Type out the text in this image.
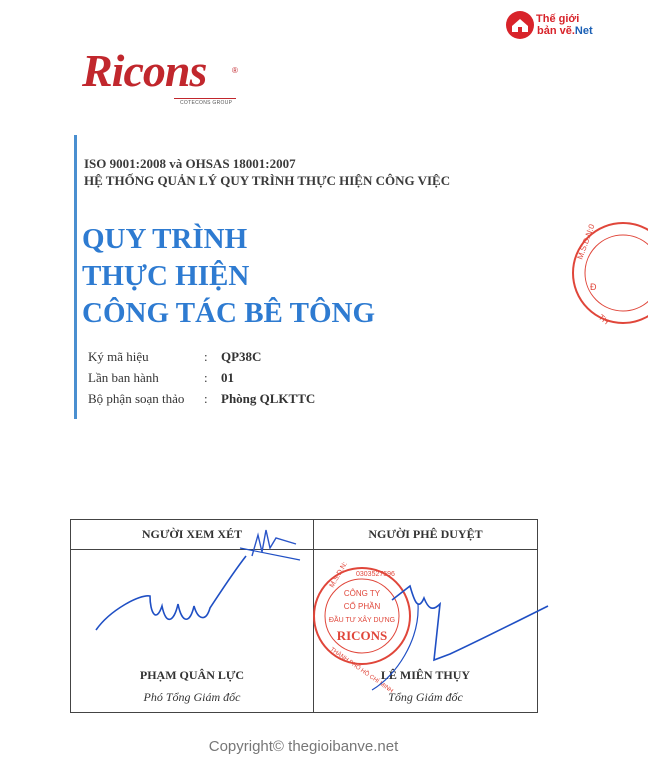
Thế giới
bản vẽ.Net
Ricons	®
COTECONS GROUP
ISO 9001:2008 và OHSAS 18001:2007
HỆ THỐNG QUẢN LÝ QUY TRÌNH THỰC HIỆN CÔNG VIỆC
QUY TRÌNH
THỰC HIỆN
CÔNG TÁC BÊ TÔNG
Ký mã hiệu	: QP38C
Lần ban hành	: 01
Bộ phận soạn thảo : Phòng QLKTTC
M.S.D.N:0
Đ
TH
NGƯỜI XEM XÉT
PHẠM QUÂN LỰC
Phó Tổng Giám đốc
NGƯỜI PHÊ DUYỆT
LÊ MIÊN THỤY
Tổng Giám đốc
CÔNG TY
CỔ PHẦN
ĐẦU TƯ XÂY DỰNG
RICONS
M.S.D.N: 0303527596
THÀNH PHỐ HỒ CHÍ MINH
Copyright© thegioibanve.net
